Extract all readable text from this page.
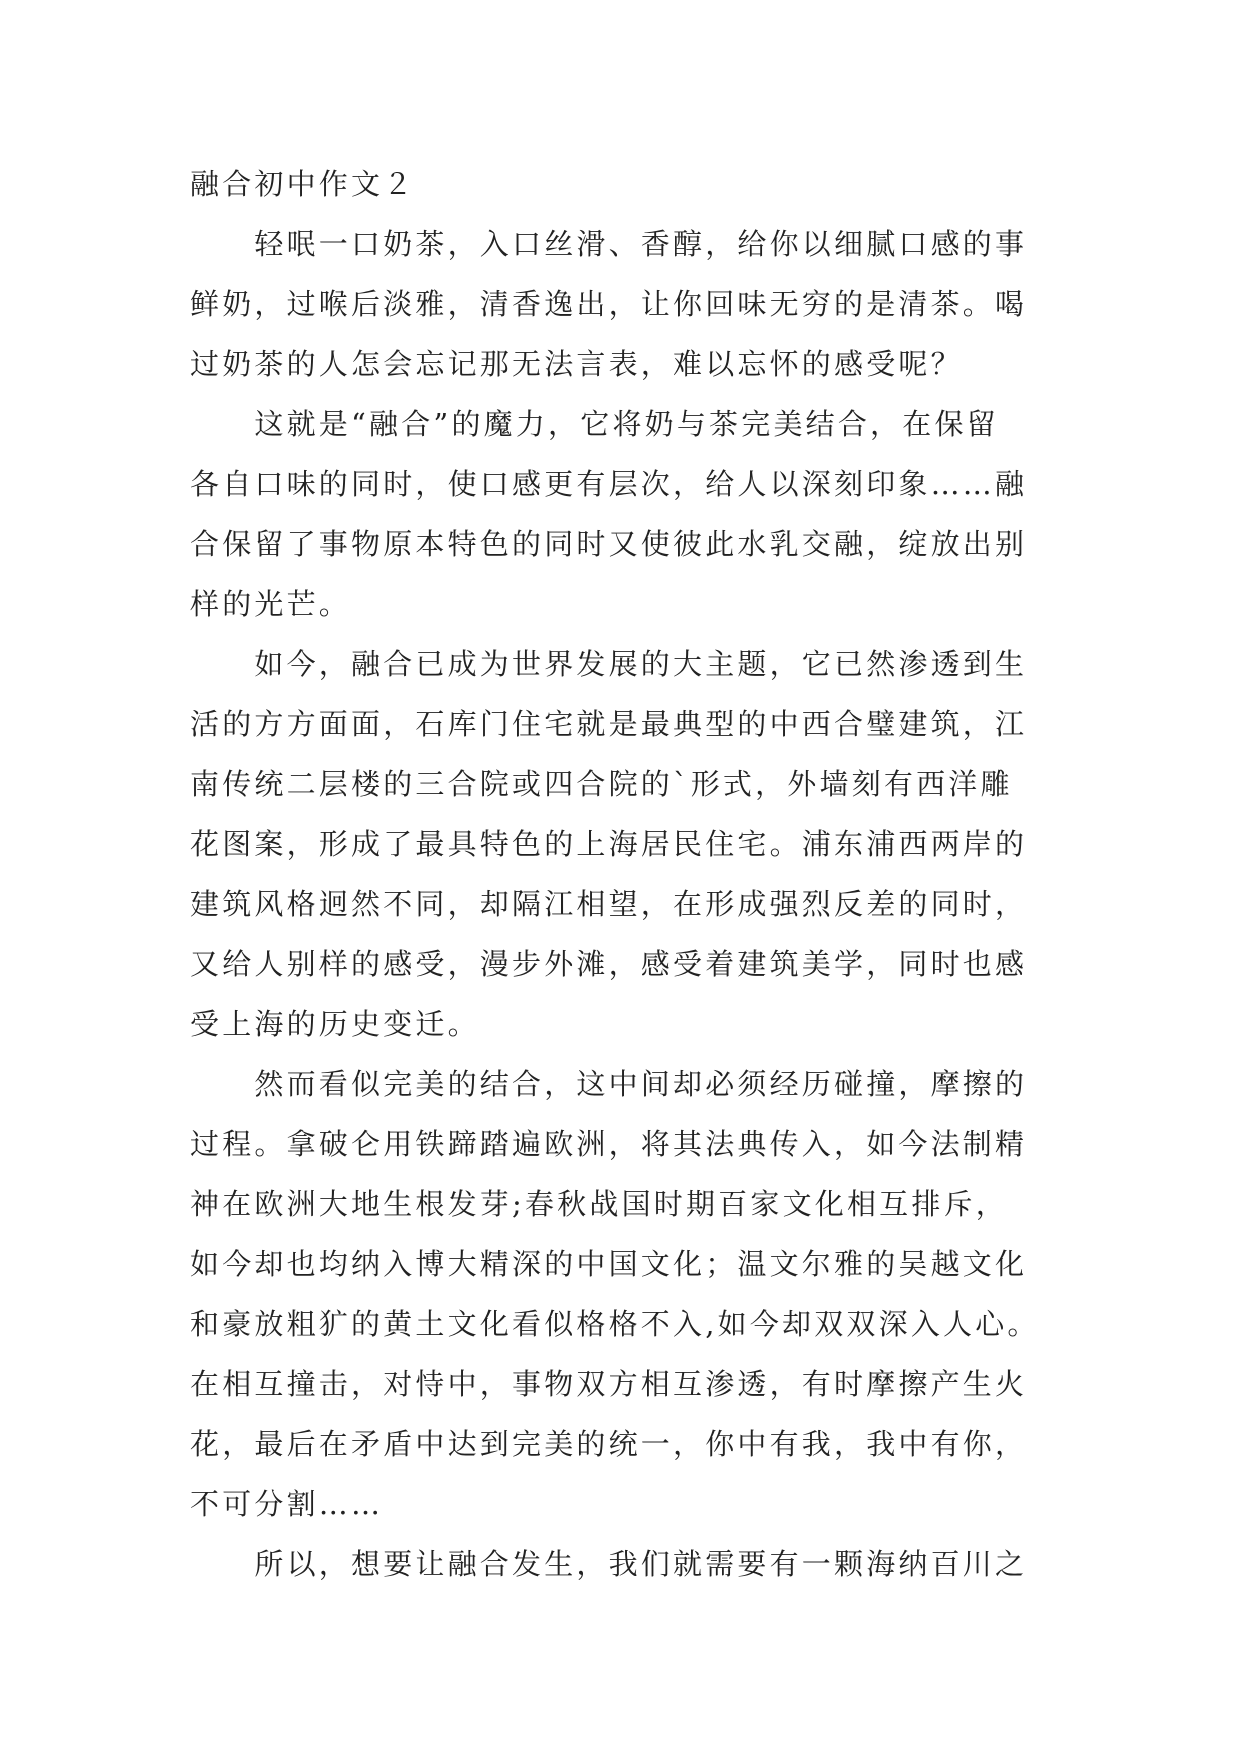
融合初中作文２
　　轻呡一口奶茶，入口丝滑、香醇，给你以细腻口感的事
鲜奶，过喉后淡雅，清香逸出，让你回味无穷的是清茶。喝
过奶茶的人怎会忘记那无法言表，难以忘怀的感受呢？
　　这就是“融合”的魔力，它将奶与茶完美结合，在保留
各自口味的同时，使口感更有层次，给人以深刻印象……融
合保留了事物原本特色的同时又使彼此水乳交融，绽放出别
样的光芒。
　　如今，融合已成为世界发展的大主题，它已然渗透到生
活的方方面面，石库门住宅就是最典型的中西合璧建筑，江
南传统二层楼的三合院或四合院的`形式，外墙刻有西洋雕
花图案，形成了最具特色的上海居民住宅。浦东浦西两岸的
建筑风格迥然不同，却隔江相望，在形成强烈反差的同时，
又给人别样的感受，漫步外滩，感受着建筑美学，同时也感
受上海的历史变迁。
　　然而看似完美的结合，这中间却必须经历碰撞，摩擦的
过程。拿破仑用铁蹄踏遍欧洲，将其法典传入，如今法制精
神在欧洲大地生根发芽;春秋战国时期百家文化相互排斥，
如今却也均纳入博大精深的中国文化；温文尔雅的吴越文化
和豪放粗犷的黄土文化看似格格不入,如今却双双深入人心。
在相互撞击，对恃中，事物双方相互渗透，有时摩擦产生火
花，最后在矛盾中达到完美的统一，你中有我，我中有你，
不可分割……
　　所以，想要让融合发生，我们就需要有一颗海纳百川之
